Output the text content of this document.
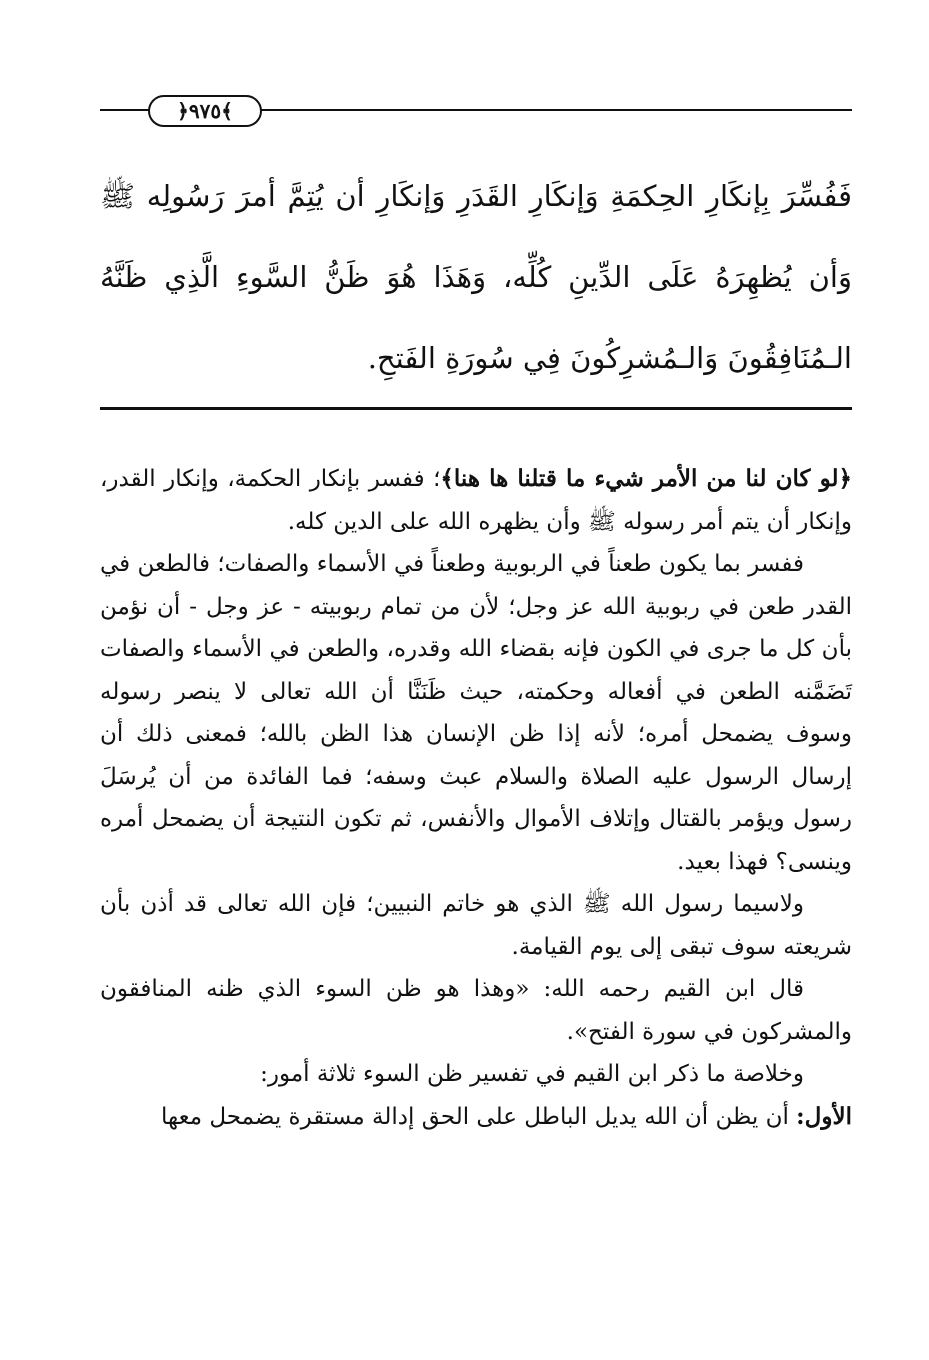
﴿٩٧٥﴾

فَفُسِّرَ بِإنكَارِ الحِكمَةِ وَإنكَارِ القَدَرِ وَإنكَارِ أن يُتِمَّ أمرَ رَسُولِه ﷺ وَأن يُظهِرَهُ عَلَى الدِّينِ كُلِّه، وَهَذَا هُوَ ظَنُّ السَّوءِ الَّذِي ظَنَّهُ الـمُنَافِقُونَ وَالـمُشرِكُونَ فِي سُورَةِ الفَتحِ.

﴿لو كان لنا من الأمر شيء ما قتلنا ها هنا﴾؛ ففسر بإنكار الحكمة، وإنكار القدر، وإنكار أن يتم أمر رسوله ﷺ وأن يظهره الله على الدين كله.

ففسر بما يكون طعناً في الربوبية وطعناً في الأسماء والصفات؛ فالطعن في القدر طعن في ربوبية الله عز وجل؛ لأن من تمام ربوبيته - عز وجل - أن نؤمن بأن كل ما جرى في الكون فإنه بقضاء الله وقدره، والطعن في الأسماء والصفات تَضَمَّنه الطعن في أفعاله وحكمته، حيث ظَنَنَّا أن الله تعالى لا ينصر رسوله وسوف يضمحل أمره؛ لأنه إذا ظن الإنسان هذا الظن بالله؛ فمعنى ذلك أن إرسال الرسول عليه الصلاة والسلام عبث وسفه؛ فما الفائدة من أن يُرسَلَ رسول ويؤمر بالقتال وإتلاف الأموال والأنفس، ثم تكون النتيجة أن يضمحل أمره وينسى؟ فهذا بعيد.

ولاسيما رسول الله ﷺ الذي هو خاتم النبيين؛ فإن الله تعالى قد أذن بأن شريعته سوف تبقى إلى يوم القيامة.

قال ابن القيم رحمه الله: «وهذا هو ظن السوء الذي ظنه المنافقون والمشركون في سورة الفتح».

وخلاصة ما ذكر ابن القيم في تفسير ظن السوء ثلاثة أمور:

الأول: أن يظن أن الله يديل الباطل على الحق إدالة مستقرة يضمحل معها
